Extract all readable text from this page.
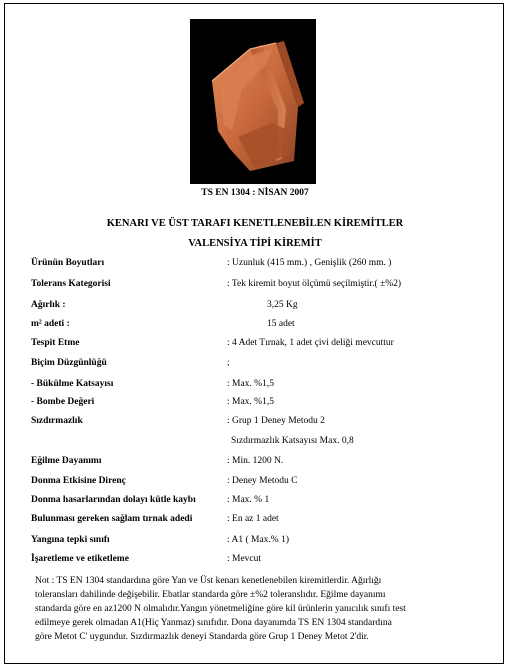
TS EN 1304 : NİSAN 2007
KENARI VE ÜST TARAFI KENETLENEBİLEN KİREMİTLER
VALENSİYA TİPİ KİREMİT
Ürünün Boyutları	: Uzunluk (415 mm.) , Genişlik (260 mm. )
Tolerans Kategorisi	: Tek kiremit boyut ölçümü seçilmiştir.( ±%2)
Ağırlık :	3,25 Kg
m² adeti :	15 adet
Tespit Etme	: 4 Adet Tırnak, 1 adet çivi deliği mevcuttur
Biçim Düzgünlüğü	;
- Bükülme Katsayısı	: Max. %1,5
- Bombe Değeri	: Max. %1,5
Sızdırmazlık	: Grup 1 Deney Metodu 2
Sızdırmazlık Katsayısı Max. 0,8
Eğilme Dayanımı	: Min. 1200 N.
Donma Etkisine Direnç	: Deney Metodu C
Donma hasarlarından dolayı kütle kaybı	: Max. % 1
Bulunması gereken sağlam tırnak adedi	: En az 1 adet
Yangına tepki sınıfı	: A1 ( Max.% 1)
İşaretleme ve etiketleme	: Mevcut
Not : TS EN 1304 standardına göre Yan ve Üst kenarı kenetlenebilen kiremitlerdir. Ağırlığı
toleransları dahilinde değişebilir. Ebatlar standarda göre ±%2 toleranslıdır. Eğilme dayanımı
standarda göre en az1200 N olmalıdır.Yangın yönetmeliğine göre kil ürünlerin yanıcılık sınıfı test
edilmeye gerek olmadan A1(Hiç Yanmaz) sınıfıdır. Dona dayanımda TS EN 1304 standardına
göre Metot C' uygundur. Sızdırmazlık deneyi Standarda göre Grup 1 Deney Metot 2'dir.
